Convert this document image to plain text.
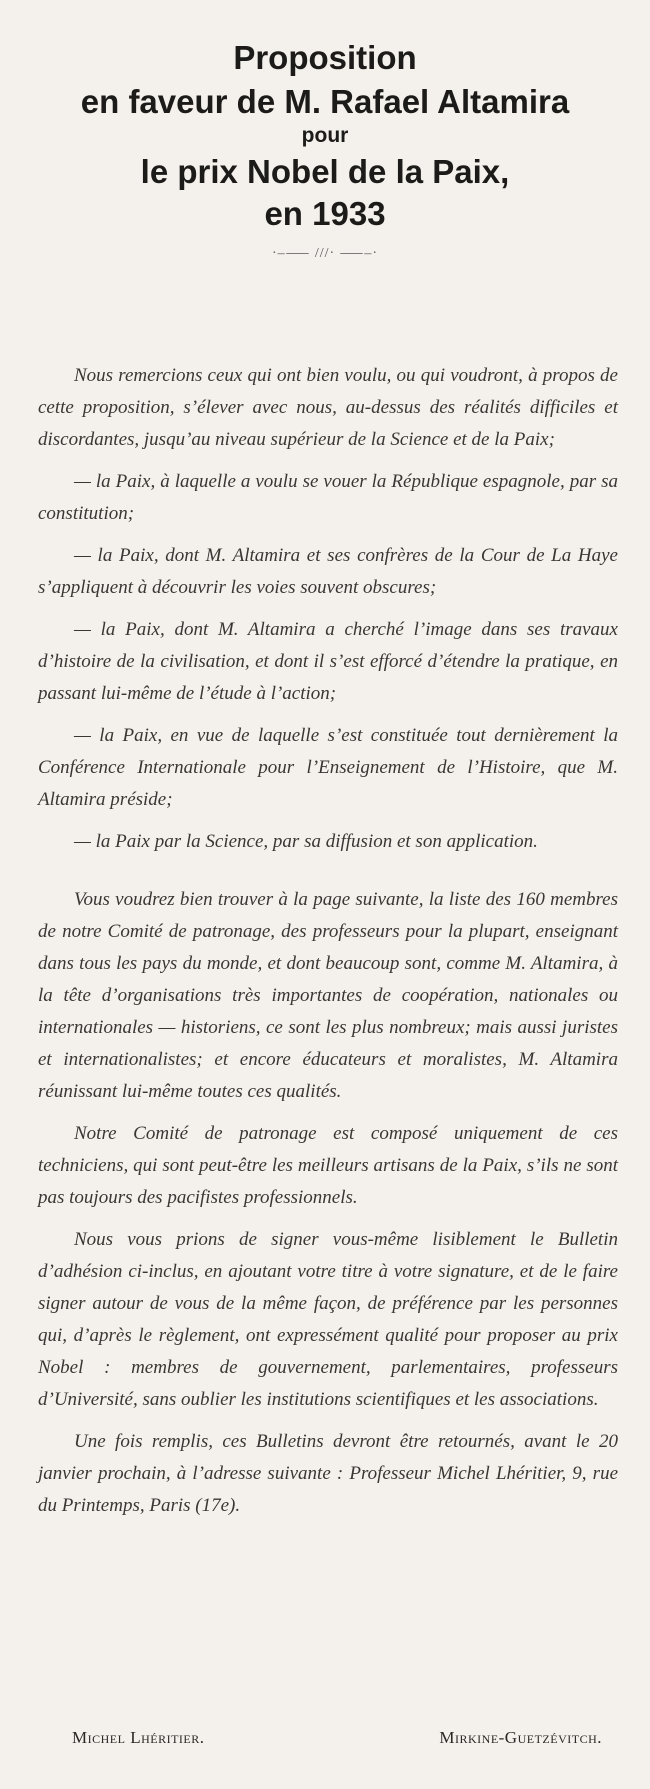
Proposition
en faveur de M. Rafael Altamira
pour
le prix Nobel de la Paix,
en 1933
·–⸺ ///· ⸺–·

Nous remercions ceux qui ont bien voulu, ou qui voudront, à propos de cette proposition, s’élever avec nous, au-dessus des réalités difficiles et discordantes, jusqu’au niveau supérieur de la Science et de la Paix;

— la Paix, à laquelle a voulu se vouer la République espagnole, par sa constitution;

— la Paix, dont M. Altamira et ses confrères de la Cour de La Haye s’appliquent à découvrir les voies souvent obscures;

— la Paix, dont M. Altamira a cherché l’image dans ses travaux d’histoire de la civilisation, et dont il s’est efforcé d’étendre la pratique, en passant lui-même de l’étude à l’action;

— la Paix, en vue de laquelle s’est constituée tout dernièrement la Conférence Internationale pour l’Enseignement de l’Histoire, que M. Altamira préside;

— la Paix par la Science, par sa diffusion et son application.

Vous voudrez bien trouver à la page suivante, la liste des 160 membres de notre Comité de patronage, des professeurs pour la plupart, enseignant dans tous les pays du monde, et dont beaucoup sont, comme M. Altamira, à la tête d’organisations très importantes de coopération, nationales ou internationales — historiens, ce sont les plus nombreux; mais aussi juristes et internationalistes; et encore éducateurs et moralistes, M. Altamira réunissant lui-même toutes ces qualités.

Notre Comité de patronage est composé uniquement de ces techniciens, qui sont peut-être les meilleurs artisans de la Paix, s’ils ne sont pas toujours des pacifistes professionnels.

Nous vous prions de signer vous-même lisiblement le Bulletin d’adhésion ci-inclus, en ajoutant votre titre à votre signature, et de le faire signer autour de vous de la même façon, de préférence par les personnes qui, d’après le règlement, ont expressément qualité pour proposer au prix Nobel : membres de gouvernement, parlementaires, professeurs d’Université, sans oublier les institutions scientifiques et les associations.

Une fois remplis, ces Bulletins devront être retournés, avant le 20 janvier prochain, à l’adresse suivante : Professeur Michel Lhéritier, 9, rue du Printemps, Paris (17e).

Michel Lhéritier.	Mirkine-Guetzévitch.
